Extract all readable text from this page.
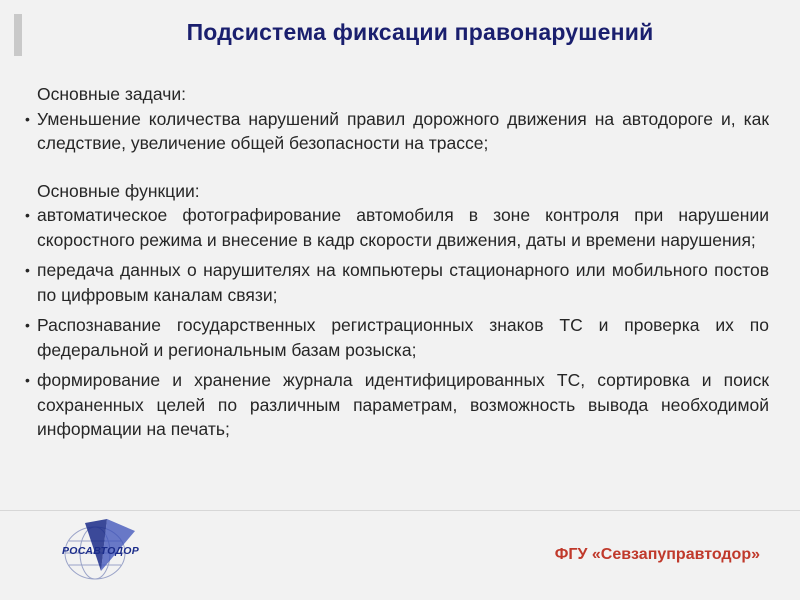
Подсистема фиксации правонарушений
Основные задачи:
• Уменьшение количества нарушений правил дорожного движения на автодороге и, как следствие, увеличение общей безопасности на трассе;
Основные функции:
• автоматическое фотографирование автомобиля в зоне контроля при нарушении скоростного режима и внесение в кадр скорости движения, даты и времени нарушения;
• передача данных о нарушителях на компьютеры стационарного или мобильного постов по цифровым каналам связи;
• Распознавание государственных регистрационных знаков ТС и проверка их по федеральной и региональным базам розыска;
• формирование и хранение журнала идентифицированных ТС, сортировка и поиск сохраненных целей по различным параметрам, возможность вывода необходимой информации на печать;
РОСАВТОДОР	ФГУ «Севзапуправтодор»
